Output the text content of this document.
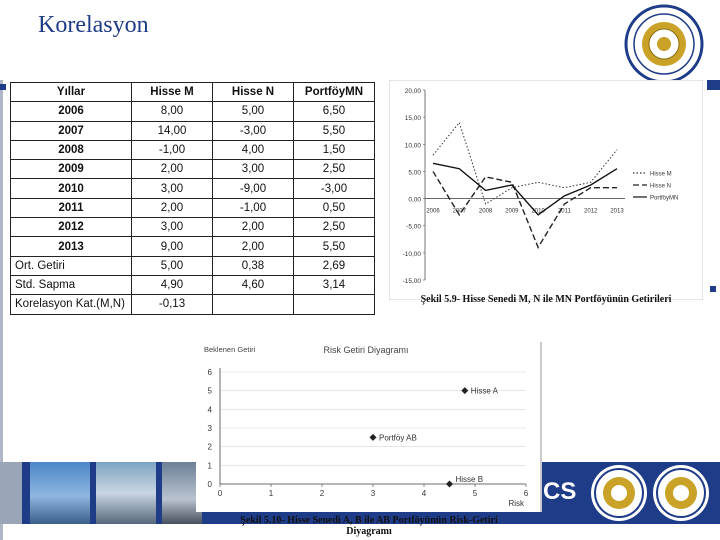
Korelasyon
Yıllar	Hisse M	Hisse N	PortföyMN
2006	8,00	5,00	6,50
2007	14,00	-3,00	5,50
2008	-1,00	4,00	1,50
2009	2,00	3,00	2,50
2010	3,00	-9,00	-3,00
2011	2,00	-1,00	0,50
2012	3,00	2,00	2,50
2013	9,00	2,00	5,50
Ort. Getiri	5,00	0,38	2,69
Std. Sapma	4,90	4,60	3,14
Korelasyon Kat.(M,N)	-0,13		
20,00
15,00
10,00
5,00
0,00
-5,00
-10,00
-15,00
2006 2007 2008 2009 2010 2011 2012 2013
Hisse M
Hisse N
PortföyMN
Şekil 5.9- Hisse Senedi M, N ile MN Portföyünün Getirileri
CS
Beklenen Getiri	Risk Getiri Diyagramı
0
1
2
3
4
5
6
0	1	2	3	4	5	6
Risk
Hisse A
Portföy AB
Hisse B
Şekil 5.10- Hisse Senedi A, B ile AB Portföyünün Risk-Getiri
Diyagramı
